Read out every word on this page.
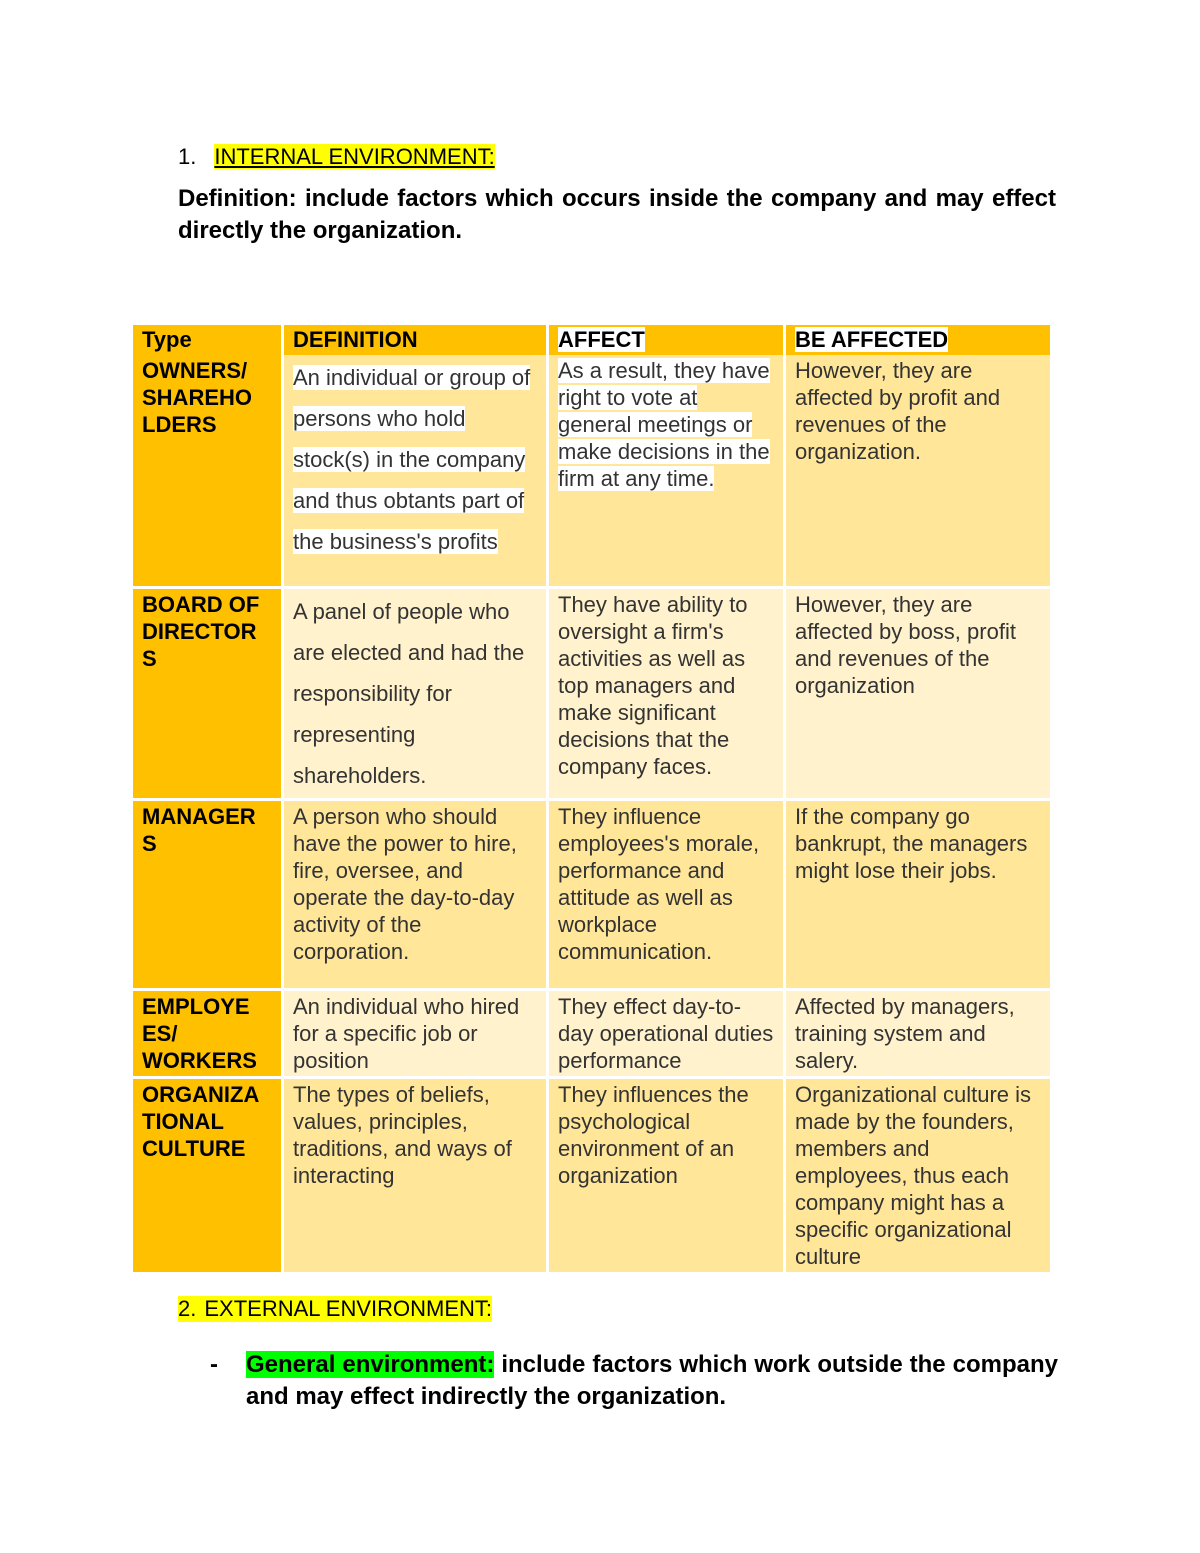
1. INTERNAL ENVIRONMENT:
Definition: include factors which occurs inside the company and may effect directly the organization.
Type	DEFINITION	AFFECT	BE AFFECTED
OWNERS/ SHAREHO LDERS	An individual or group of persons who hold stock(s) in the company and thus obtants part of the business's profits	As a result, they have right to vote at general meetings or make decisions in the firm at any time.	However, they are affected by profit and revenues of the organization.
BOARD OF DIRECTOR S	A panel of people who are elected and had the responsibility for representing shareholders.	They have ability to oversight a firm's activities as well as top managers and make significant decisions that the company faces.	However, they are affected by boss, profit and revenues of the organization
MANAGER S	A person who should have the power to hire, fire, oversee, and operate the day-to-day activity of the corporation.	They influence employees's morale, performance and attitude as well as workplace communication.	If the company go bankrupt, the managers might lose their jobs.
EMPLOYE ES/ WORKERS	An individual who hired for a specific job or position	They effect day-to-day operational duties performance	Affected by managers, training system and salery.
ORGANIZA TIONAL CULTURE	The types of beliefs, values, principles, traditions, and ways of interacting	They influences the psychological environment of an organization	Organizational culture is made by the founders, members and employees, thus each company might has a specific organizational culture
2. EXTERNAL ENVIRONMENT:
- General environment: include factors which work outside the company and may effect indirectly the organization.
